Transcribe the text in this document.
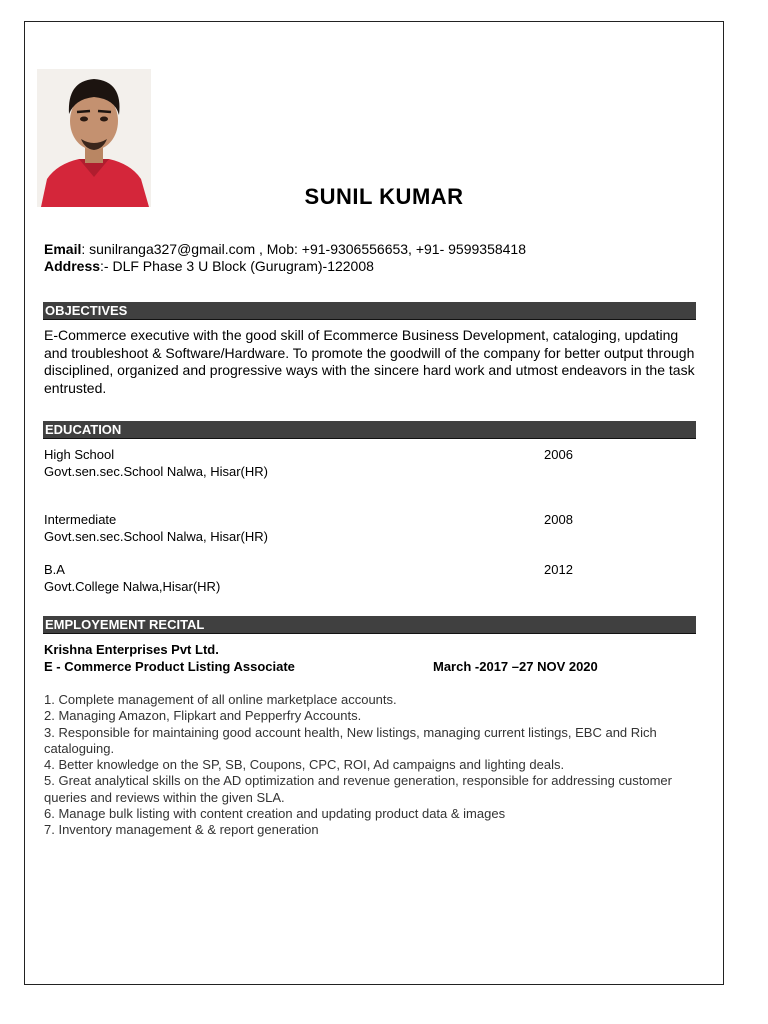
SUNIL KUMAR
Email: sunilranga327@gmail.com , Mob: +91-9306556653, +91- 9599358418
Address:- DLF Phase 3 U Block (Gurugram)-122008
OBJECTIVES
E-Commerce executive with the good skill of Ecommerce Business Development, cataloging, updating and troubleshoot & Software/Hardware. To promote the goodwill of the company for better output through disciplined, organized and progressive ways with the sincere hard work and utmost endeavors in the task entrusted.
EDUCATION
High School
Govt.sen.sec.School Nalwa, Hisar(HR)
2006
Intermediate
Govt.sen.sec.School Nalwa, Hisar(HR)
2008
B.A
Govt.College Nalwa,Hisar(HR)
2012
EMPLOYEMENT RECITAL
Krishna Enterprises Pvt Ltd.
E - Commerce Product Listing Associate	March -2017 –27 NOV 2020
1. Complete management of all online marketplace accounts.
2. Managing Amazon, Flipkart and Pepperfry Accounts.
3. Responsible for maintaining good account health, New listings, managing current listings, EBC and Rich cataloguing.
4. Better knowledge on the SP, SB, Coupons, CPC, ROI, Ad campaigns and lighting deals.
5. Great analytical skills on the AD optimization and revenue generation, responsible for addressing customer queries and reviews within the given SLA.
6. Manage bulk listing with content creation and updating product data & images
7. Inventory management & & report generation
